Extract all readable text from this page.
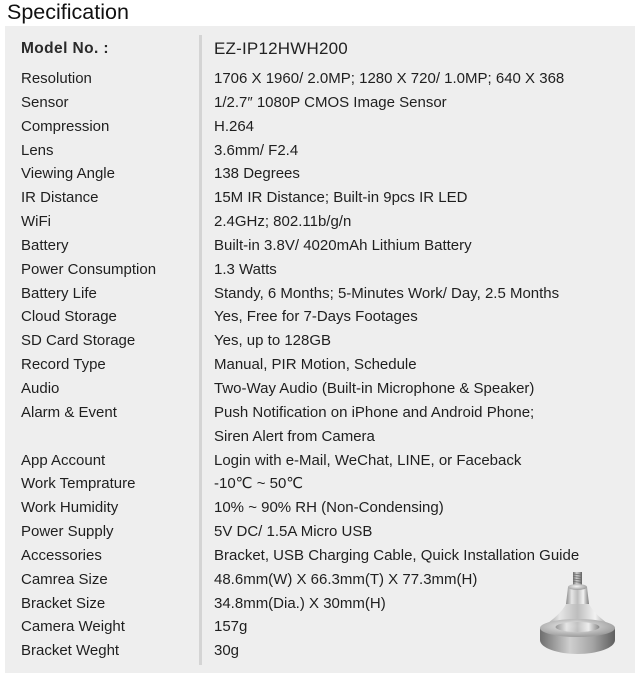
Specification
Model No. :	EZ-IP12HWH200
Resolution	1706 X 1960/ 2.0MP; 1280 X 720/ 1.0MP; 640 X 368
Sensor	1/2.7″ 1080P CMOS Image Sensor
Compression	H.264
Lens	3.6mm/ F2.4
Viewing Angle	138 Degrees
IR Distance	15M IR Distance; Built-in 9pcs IR LED
WiFi	2.4GHz; 802.11b/g/n
Battery	Built-in 3.8V/ 4020mAh Lithium Battery
Power Consumption	1.3 Watts
Battery Life	Standy, 6 Months; 5-Minutes Work/ Day, 2.5 Months
Cloud Storage	Yes, Free for 7-Days Footages
SD Card Storage	Yes, up to 128GB
Record Type	Manual, PIR Motion, Schedule
Audio	Two-Way Audio (Built-in Microphone & Speaker)
Alarm & Event	Push Notification on iPhone and Android Phone;
Siren Alert from Camera
App Account	Login with e-Mail, WeChat, LINE, or Faceback
Work Temprature	-10℃ ~ 50℃
Work Humidity	10% ~ 90% RH (Non-Condensing)
Power Supply	5V DC/ 1.5A Micro USB
Accessories	Bracket, USB Charging Cable, Quick Installation Guide
Camrea Size	48.6mm(W) X 66.3mm(T) X 77.3mm(H)
Bracket Size	34.8mm(Dia.) X 30mm(H)
Camera Weight	157g
Bracket Weght	30g
